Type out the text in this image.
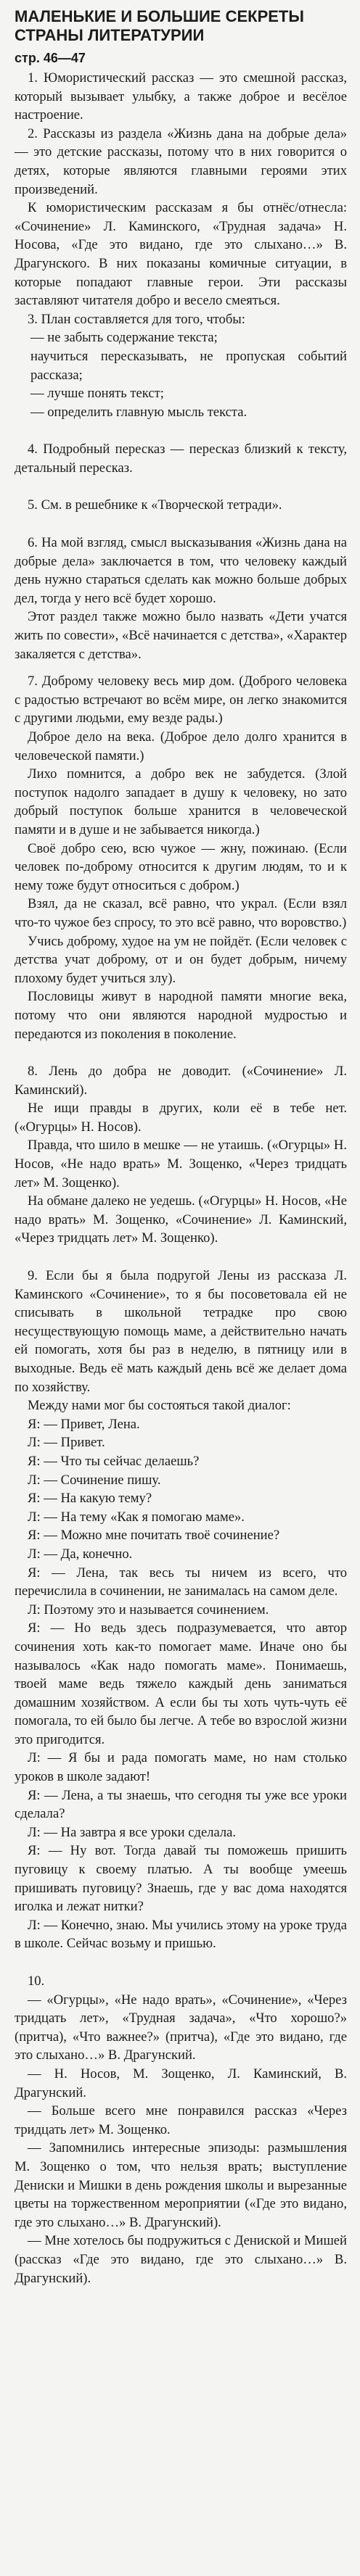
МАЛЕНЬКИЕ И БОЛЬШИЕ СЕКРЕТЫ СТРАНЫ ЛИТЕРАТУРИИ
стр. 46—47

1. Юмористический рассказ — это смешной рассказ, который вызывает улыбку, а также доброе и весёлое настроение.

2. Рассказы из раздела «Жизнь дана на добрые дела» — это детские рассказы, потому что в них говорится о детях, которые являются главными героями этих произведений.

К юмористическим рассказам я бы отнёс/отнесла: «Сочинение» Л. Каминского, «Трудная задача» Н. Носова, «Где это видано, где это слыхано…» В. Драгунского. В них показаны комичные ситуации, в которые попадают главные герои. Эти рассказы заставляют читателя добро и весело смеяться.

3. План составляется для того, чтобы:

— не забыть содержание текста;

научиться пересказывать, не пропуская событий рассказа;

— лучше понять текст;

— определить главную мысль текста.

4. Подробный пересказ — пересказ близкий к тексту, детальный пересказ.

5. См. в решебнике к «Творческой тетради».

6. На мой взгляд, смысл высказывания «Жизнь дана на добрые дела» заключается в том, что человеку каждый день нужно стараться сделать как можно больше добрых дел, тогда у него всё будет хорошо.

Этот раздел также можно было назвать «Дети учатся жить по совести», «Всё начинается с детства», «Характер закаляется с детства».

7. Доброму человеку весь мир дом. (Доброго человека с радостью встречают во всём мире, он легко знакомится с другими людьми, ему везде рады.)

Доброе дело на века. (Доброе дело долго хранится в человеческой памяти.)

Лихо помнится, а добро век не забудется. (Злой поступок надолго западает в душу к человеку, но зато добрый поступок больше хранится в человеческой памяти и в душе и не забывается никогда.)

Своё добро сею, всю чужое — жну, пожинаю. (Если человек по-доброму относится к другим людям, то и к нему тоже будут относиться с добром.)

Взял, да не сказал, всё равно, что украл. (Если взял что-то чужое без спросу, то это всё равно, что воровство.)

Учись доброму, худое на ум не пойдёт. (Если человек с детства учат доброму, от и он будет добрым, ничему плохому будет учиться злу).

Пословицы живут в народной памяти многие века, потому что они являются народной мудростью и передаются из поколения в поколение.

8. Лень до добра не доводит. («Сочинение» Л. Каминский).

Не ищи правды в других, коли её в тебе нет. («Огурцы» Н. Носов).

Правда, что шило в мешке — не утаишь. («Огурцы» Н. Носов, «Не надо врать» М. Зощенко, «Через тридцать лет» М. Зощенко).

На обмане далеко не уедешь. («Огурцы» Н. Носов, «Не надо врать» М. Зощенко, «Сочинение» Л. Каминский, «Через тридцать лет» М. Зощенко).

9. Если бы я была подругой Лены из рассказа Л. Каминского «Сочинение», то я бы посоветовала ей не списывать в школьной тетрадке про свою несуществующую помощь маме, а действительно начать ей помогать, хотя бы раз в неделю, в пятницу или в выходные. Ведь её мать каждый день всё же делает дома по хозяйству.

Между нами мог бы состояться такой диалог:

Я: — Привет, Лена.

Л: — Привет.

Я: — Что ты сейчас делаешь?

Л: — Сочинение пишу.

Я: — На какую тему?

Л: — На тему «Как я помогаю маме».

Я: — Можно мне почитать твоё сочинение?

Л: — Да, конечно.

Я: — Лена, так весь ты ничем из всего, что перечислила в сочинении, не занималась на самом деле.

Л: Поэтому это и называется сочинением.

Я: — Но ведь здесь подразумевается, что автор сочинения хоть как-то помогает маме. Иначе оно бы называлось «Как надо помогать маме». Понимаешь, твоей маме ведь тяжело каждый день заниматься домашним хозяйством. А если бы ты хоть чуть-чуть её помогала, то ей было бы легче. А тебе во взрослой жизни это пригодится.

Л: — Я бы и рада помогать маме, но нам столько уроков в школе задают!

Я: — Лена, а ты знаешь, что сегодня ты уже все уроки сделала?

Л: — На завтра я все уроки сделала.

Я: — Ну вот. Тогда давай ты поможешь пришить пуговицу к своему платью. А ты вообще умеешь пришивать пуговицу? Знаешь, где у вас дома находятся иголка и лежат нитки?

Л: — Конечно, знаю. Мы учились этому на уроке труда в школе. Сейчас возьму и пришью.

10.

— «Огурцы», «Не надо врать», «Сочинение», «Через тридцать лет», «Трудная задача», «Что хорошо?» (притча), «Что важнее?» (притча), «Где это видано, где это слыхано…» В. Драгунский.

— Н. Носов, М. Зощенко, Л. Каминский, В. Драгунский.

— Больше всего мне понравился рассказ «Через тридцать лет» М. Зощенко.

— Запомнились интересные эпизоды: размышления М. Зощенко о том, что нельзя врать; выступление Дениски и Мишки в день рождения школы и вырезанные цветы на торжественном мероприятии («Где это видано, где это слыхано…» В. Драгунский).

— Мне хотелось бы подружиться с Дениской и Мишей (рассказ «Где это видано, где это слыхано…» В. Драгунский).
